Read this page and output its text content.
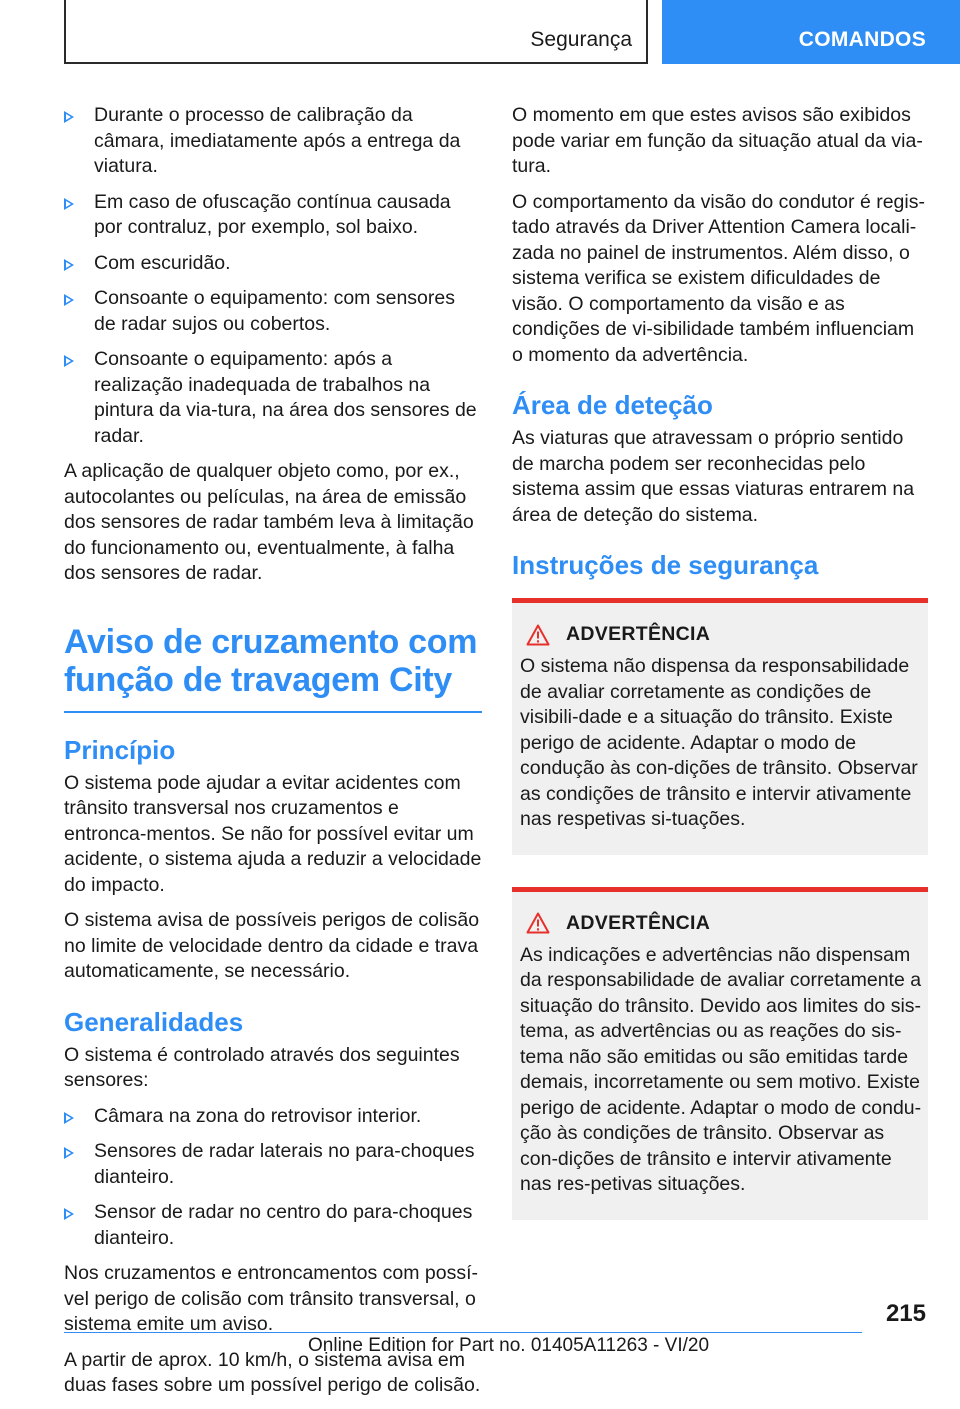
Segurança	COMANDOS
Durante o processo de calibração da câmara, imediatamente após a entrega da viatura.
Em caso de ofuscação contínua causada por contraluz, por exemplo, sol baixo.
Com escuridão.
Consoante o equipamento: com sensores de radar sujos ou cobertos.
Consoante o equipamento: após a realização inadequada de trabalhos na pintura da via-tura, na área dos sensores de radar.

A aplicação de qualquer objeto como, por ex., autocolantes ou películas, na área de emissão dos sensores de radar também leva à limitação do funcionamento ou, eventualmente, à falha dos sensores de radar.

Aviso de cruzamento com função de travagem City
Princípio

O sistema pode ajudar a evitar acidentes com trânsito transversal nos cruzamentos e entronca-mentos. Se não for possível evitar um acidente, o sistema ajuda a reduzir a velocidade do impacto.

O sistema avisa de possíveis perigos de colisão no limite de velocidade dentro da cidade e trava automaticamente, se necessário.

Generalidades

O sistema é controlado através dos seguintes sensores:

Câmara na zona do retrovisor interior.
Sensores de radar laterais no para-choques dianteiro.
Sensor de radar no centro do para-choques dianteiro.

Nos cruzamentos e entroncamentos com possí-vel perigo de colisão com trânsito transversal, o sistema emite um aviso.

A partir de aprox. 10 km/h, o sistema avisa em duas fases sobre um possível perigo de colisão.

O momento em que estes avisos são exibidos pode variar em função da situação atual da via-tura.

O comportamento da visão do condutor é regis-tado através da Driver Attention Camera locali-zada no painel de instrumentos. Além disso, o sistema verifica se existem dificuldades de visão. O comportamento da visão e as condições de vi-sibilidade também influenciam o momento da advertência.

Área de deteção

As viaturas que atravessam o próprio sentido de marcha podem ser reconhecidas pelo sistema assim que essas viaturas entrarem na área de deteção do sistema.

Instruções de segurança
ADVERTÊNCIA

O sistema não dispensa da responsabilidade de avaliar corretamente as condições de visibili-dade e a situação do trânsito. Existe perigo de acidente. Adaptar o modo de condução às con-dições de trânsito. Observar as condições de trânsito e intervir ativamente nas respetivas si-tuações.

ADVERTÊNCIA

As indicações e advertências não dispensam da responsabilidade de avaliar corretamente a situação do trânsito. Devido aos limites do sis-tema, as advertências ou as reações do sis-tema não são emitidas ou são emitidas tarde demais, incorretamente ou sem motivo. Existe perigo de acidente. Adaptar o modo de condu-ção às condições de trânsito. Observar as con-dições de trânsito e intervir ativamente nas res-petivas situações.

215
Online Edition for Part no. 01405A11263 - VI/20
